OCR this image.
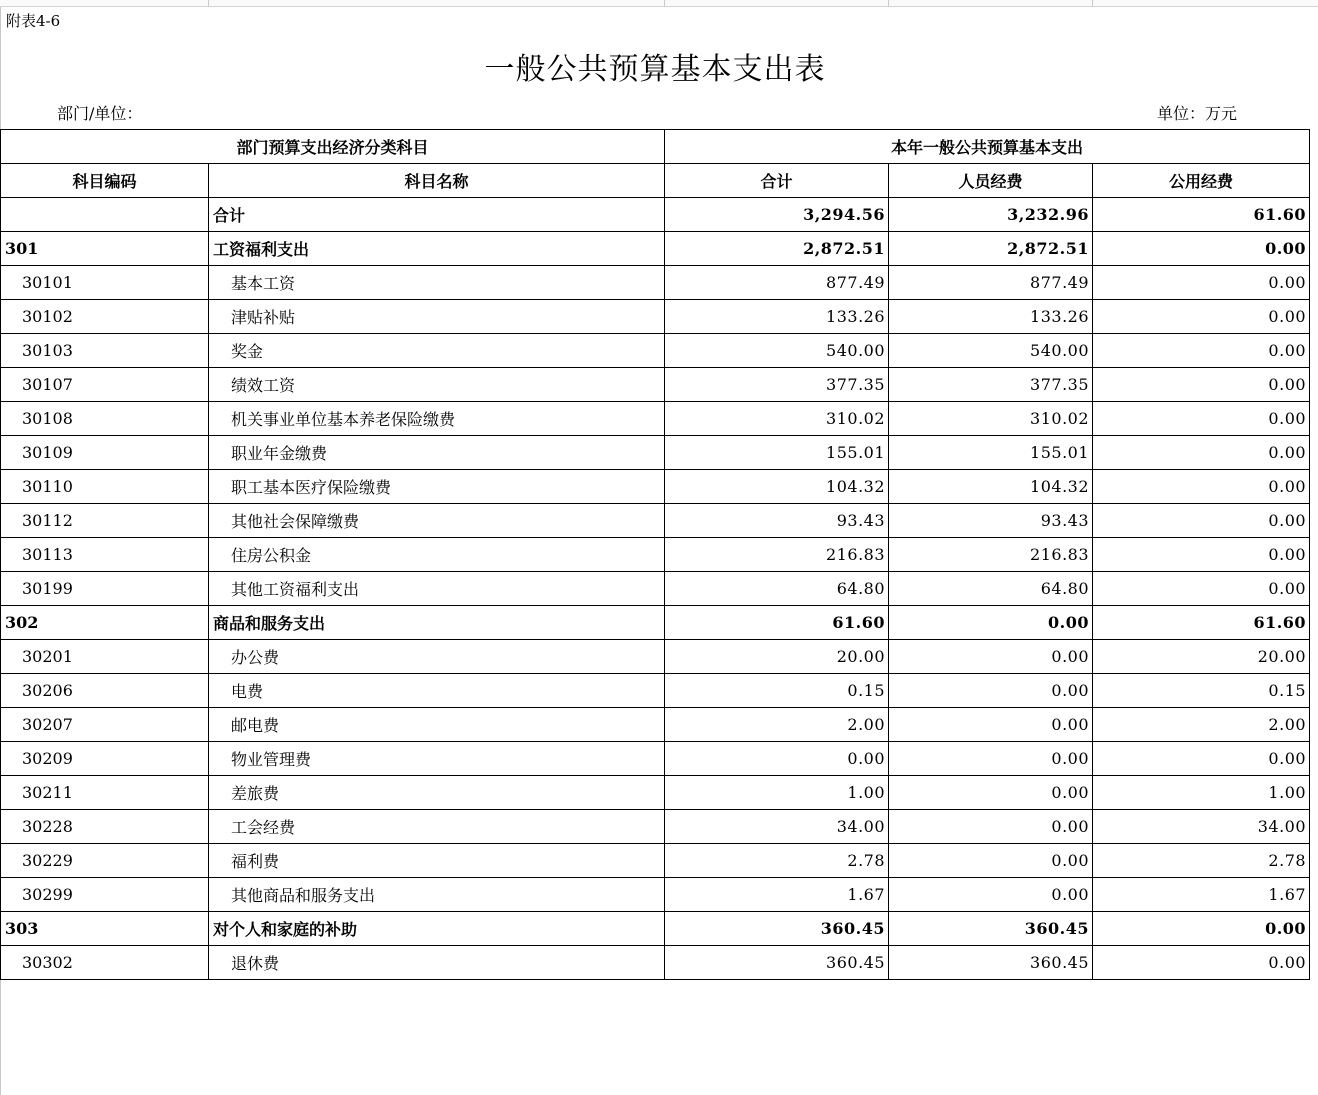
附表4-6
一般公共预算基本支出表
部门/单位：	单位：万元
部门预算支出经济分类科目		本年一般公共预算基本支出		
科目编码	科目名称	合计	人员经费	公用经费
	合计	3,294.56	3,232.96	61.60
301	工资福利支出	2,872.51	2,872.51	0.00
30101	基本工资	877.49	877.49	0.00
30102	津贴补贴	133.26	133.26	0.00
30103	奖金	540.00	540.00	0.00
30107	绩效工资	377.35	377.35	0.00
30108	机关事业单位基本养老保险缴费	310.02	310.02	0.00
30109	职业年金缴费	155.01	155.01	0.00
30110	职工基本医疗保险缴费	104.32	104.32	0.00
30112	其他社会保障缴费	93.43	93.43	0.00
30113	住房公积金	216.83	216.83	0.00
30199	其他工资福利支出	64.80	64.80	0.00
302	商品和服务支出	61.60	0.00	61.60
30201	办公费	20.00	0.00	20.00
30206	电费	0.15	0.00	0.15
30207	邮电费	2.00	0.00	2.00
30209	物业管理费	0.00	0.00	0.00
30211	差旅费	1.00	0.00	1.00
30228	工会经费	34.00	0.00	34.00
30229	福利费	2.78	0.00	2.78
30299	其他商品和服务支出	1.67	0.00	1.67
303	对个人和家庭的补助	360.45	360.45	0.00
30302	退休费	360.45	360.45	0.00
